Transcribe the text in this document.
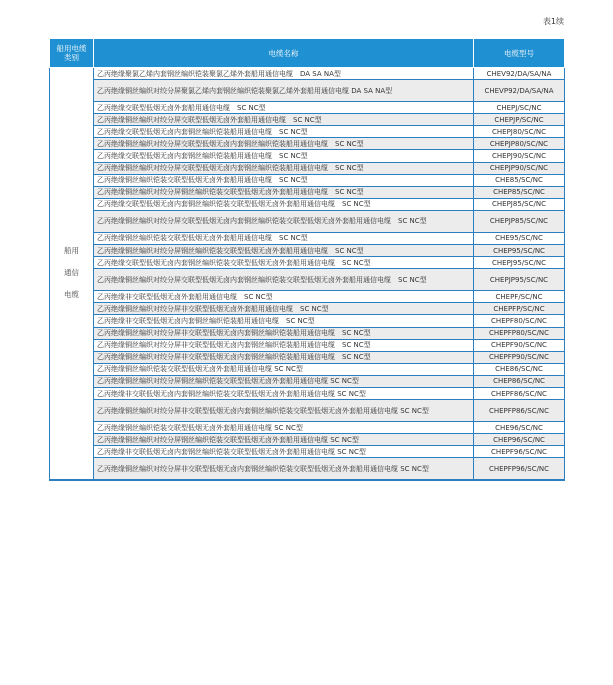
表1续
船用电缆
类别	电缆名称	电缆型号

船用
通信
电缆	乙丙绝缘聚氯乙烯内套钢丝编织铠装聚氯乙烯外套船用通信电缆　DA SA NA型	CHEV92/DA/SA/NA
	乙丙绝缘铜丝编织对绞分屏聚氯乙烯内套钢丝编织铠装聚氯乙烯外套船用通信电缆 DA SA NA型	CHEVP92/DA/SA/NA
	乙丙绝缘交联型低烟无卤外套船用通信电缆　SC NC型	CHEPJ/SC/NC
	乙丙绝缘铜丝编织对绞分屏交联型低烟无卤外套船用通信电缆　SC NC型	CHEPJP/SC/NC
	乙丙绝缘交联型低烟无卤内套铜丝编织铠装船用通信电缆　SC NC型	CHEPJ80/SC/NC
	乙丙绝缘铜丝编织对绞分屏交联型低烟无卤内套铜丝编织铠装船用通信电缆　SC NC型	CHEPJP80/SC/NC
	乙丙绝缘交联型低烟无卤内套钢丝编织铠装船用通信电缆　SC NC型	CHEPJ90/SC/NC
	乙丙绝缘铜丝编织对绞分屏交联型低烟无卤内套钢丝编织铠装船用通信电缆　SC NC型	CHEPJP90/SC/NC
	乙丙绝缘铜丝编织铠装交联型低烟无卤外套船用通信电缆　SC NC型	CHE85/SC/NC
	乙丙绝缘铜丝编织对绞分屏铜丝编织铠装交联型低烟无卤外套船用通信电缆　SC NC型	CHEP85/SC/NC
	乙丙绝缘交联型低烟无卤内套铜丝编织铠装交联型低烟无卤外套船用通信电缆　SC NC型	CHEPJ85/SC/NC
	乙丙绝缘铜丝编织对绞分屏交联型低烟无卤内套铜丝编织铠装交联型低烟无卤外套船用通信电缆　SC NC型	CHEPJP85/SC/NC
	乙丙绝缘钢丝编织铠装交联型低烟无卤外套船用通信电缆　SC NC型	CHE95/SC/NC
	乙丙绝缘铜丝编织对绞分屏钢丝编织铠装交联型低烟无卤外套船用通信电缆　SC NC型	CHEP95/SC/NC
	乙丙绝缘交联型低烟无卤内套钢丝编织铠装交联型低烟无卤外套船用通信电缆　SC NC型	CHEPJ95/SC/NC
	乙丙绝缘铜丝编织对绞分屏交联型低烟无卤内套钢丝编织铠装交联型低烟无卤外套船用通信电缆　SC NC型	CHEPJP95/SC/NC
	乙丙绝缘非交联型低烟无卤外套船用通信电缆　SC NC型	CHEPF/SC/NC
	乙丙绝缘铜丝编织对绞分屏非交联型低烟无卤外套船用通信电缆　SC NC型	CHEPFP/SC/NC
	乙丙绝缘非交联型低烟无卤内套铜丝编织铠装船用通信电缆　SC NC型	CHEPF80/SC/NC
	乙丙绝缘铜丝编织对绞分屏非交联型低烟无卤内套铜丝编织铠装船用通信电缆　SC NC型	CHEPFP80/SC/NC
	乙丙绝缘铜丝编织对绞分屏非交联型低烟无卤内套钢丝编织铠装船用通信电缆　SC NC型	CHEPF90/SC/NC
	乙丙绝缘铜丝编织对绞分屏非交联型低烟无卤内套钢丝编织铠装船用通信电缆　SC NC型	CHEPFP90/SC/NC
	乙丙绝缘铜丝编织铠装交联型低烟无卤外套船用通信电缆 SC NC型	CHE86/SC/NC
	乙丙绝缘铜丝编织对绞分屏铜丝编织铠装交联型低烟无卤外套船用通信电缆 SC NC型	CHEP86/SC/NC
	乙丙绝缘非交联低烟无卤内套铜丝编织铠装交联型低烟无卤外套船用通信电缆 SC NC型	CHEPF86/SC/NC
	乙丙绝缘铜丝编织对绞分屏非交联型低烟无卤内套铜丝编织铠装交联型低烟无卤外套船用通信电缆 SC NC型	CHEPFP86/SC/NC
	乙丙绝缘钢丝编织铠装交联型低烟无卤外套船用通信电缆 SC NC型	CHE96/SC/NC
	乙丙绝缘铜丝编织对绞分屏钢丝编织铠装交联型低烟无卤外套船用通信电缆 SC NC型	CHEP96/SC/NC
	乙丙绝缘非交联低烟无卤内套钢丝编织铠装交联型低烟无卤外套船用通信电缆 SC NC型	CHEPF96/SC/NC
	乙丙绝缘铜丝编织对绞分屏非交联型低烟无卤内套钢丝编织铠装交联型低烟无卤外套船用通信电缆 SC NC型	CHEPFP96/SC/NC
